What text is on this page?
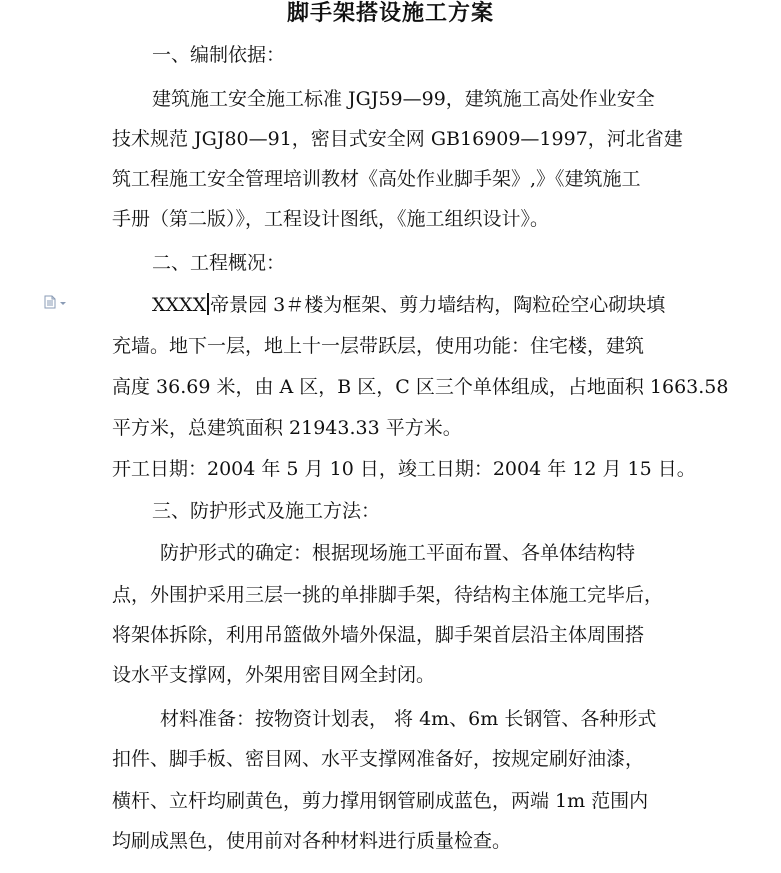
脚手架搭设施工方案
一、编制依据：
建筑施工安全施工标准 JGJ59—99，建筑施工高处作业安全
技术规范 JGJ80—91，密目式安全网 GB16909—1997，河北省建
筑工程施工安全管理培训教材《高处作业脚手架》,》《建筑施工
手册（第二版）》，工程设计图纸，《施工组织设计》。
二、工程概况：
XXXX 帝景园 3＃楼为框架、剪力墙结构，陶粒砼空心砌块填
充墙。地下一层，地上十一层带跃层，使用功能：住宅楼，建筑
高度 36.69 米，由 A 区，B 区，C 区三个单体组成，占地面积 1663.58
平方米，总建筑面积 21943.33 平方米。
开工日期：2004 年 5 月 10 日，竣工日期：2004 年 12 月 15 日。
三、防护形式及施工方法：
防护形式的确定：根据现场施工平面布置、各单体结构特
点，外围护采用三层一挑的单排脚手架，待结构主体施工完毕后，
将架体拆除，利用吊篮做外墙外保温，脚手架首层沿主体周围搭
设水平支撑网，外架用密目网全封闭。
材料准备：按物资计划表， 将 4m、6m 长钢管、各种形式
扣件、脚手板、密目网、水平支撑网准备好，按规定刷好油漆，
横杆、立杆均刷黄色，剪力撑用钢管刷成蓝色，两端 1m 范围内
均刷成黑色，使用前对各种材料进行质量检查。
